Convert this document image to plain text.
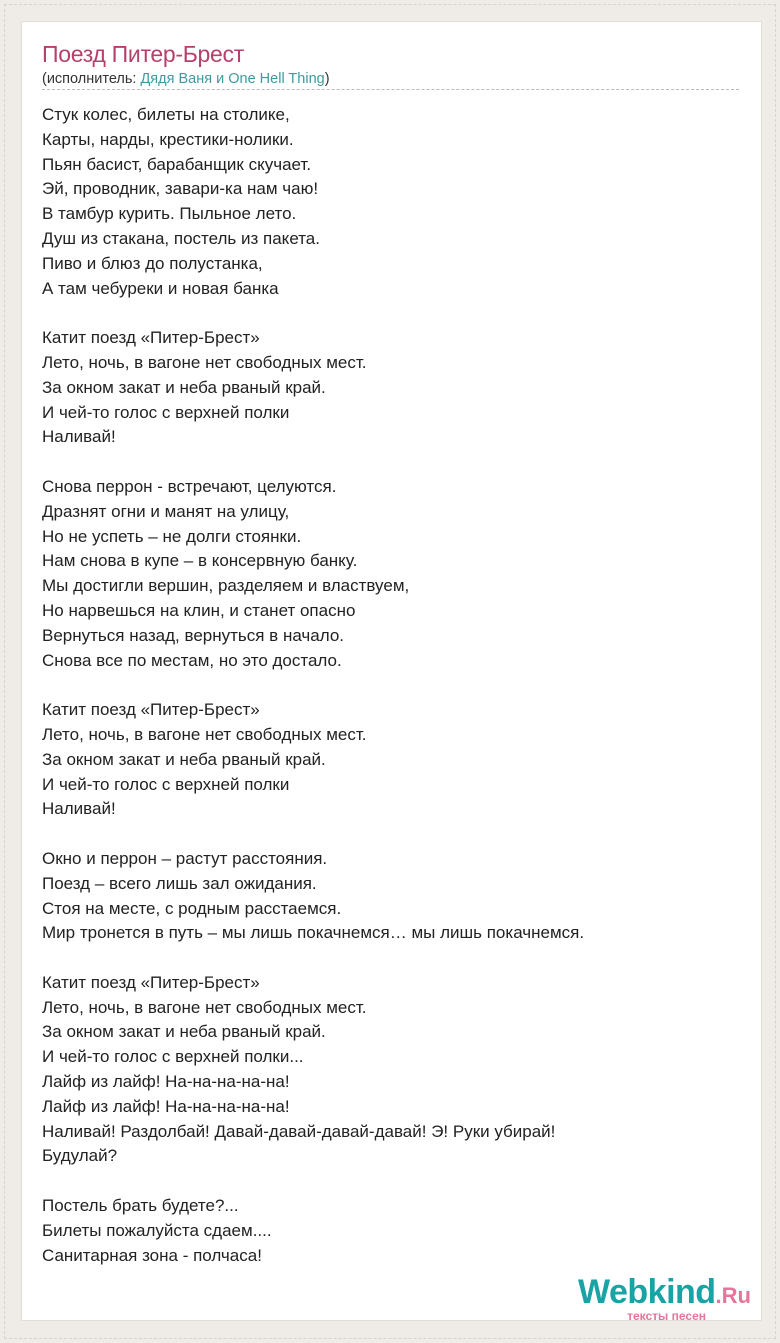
Поезд Питер-Брест
(исполнитель: Дядя Ваня и One Hell Thing)
Стук колес, билеты на столике,
Карты, нарды, крестики-нолики.
Пьян басист, барабанщик скучает.
Эй, проводник, завари-ка нам чаю!
В тамбур курить. Пыльное лето.
Душ из стакана, постель из пакета.
Пиво и блюз до полустанка,
А там чебуреки и новая банка
Катит поезд «Питер-Брест»
Лето, ночь, в вагоне нет свободных мест.
За окном закат и неба рваный край.
И чей-то голос с верхней полки
Наливай!
Снова перрон - встречают, целуются.
Дразнят огни и манят на улицу,
Но не успеть – не долги стоянки.
Нам снова в купе – в консервную банку.
Мы достигли вершин, разделяем и властвуем,
Но нарвешься на клин, и станет опасно
Вернуться назад, вернуться в начало.
Снова все по местам, но это достало.
Катит поезд «Питер-Брест»
Лето, ночь, в вагоне нет свободных мест.
За окном закат и неба рваный край.
И чей-то голос с верхней полки
Наливай!
Окно и перрон – растут расстояния.
Поезд – всего лишь зал ожидания.
Стоя на месте, с родным расстаемся.
Мир тронется в путь – мы лишь покачнемся… мы лишь покачнемся.
Катит поезд «Питер-Брест»
Лето, ночь, в вагоне нет свободных мест.
За окном закат и неба рваный край.
И чей-то голос с верхней полки...
Лайф из лайф! На-на-на-на-на!
Лайф из лайф! На-на-на-на-на!
Наливай! Раздолбай! Давай-давай-давай-давай! Э! Руки убирай!
Будулай?
Постель брать будете?...
Билеты пожалуйста сдаем....
Санитарная зона - полчаса!
Webkind.Ru
тексты песен
